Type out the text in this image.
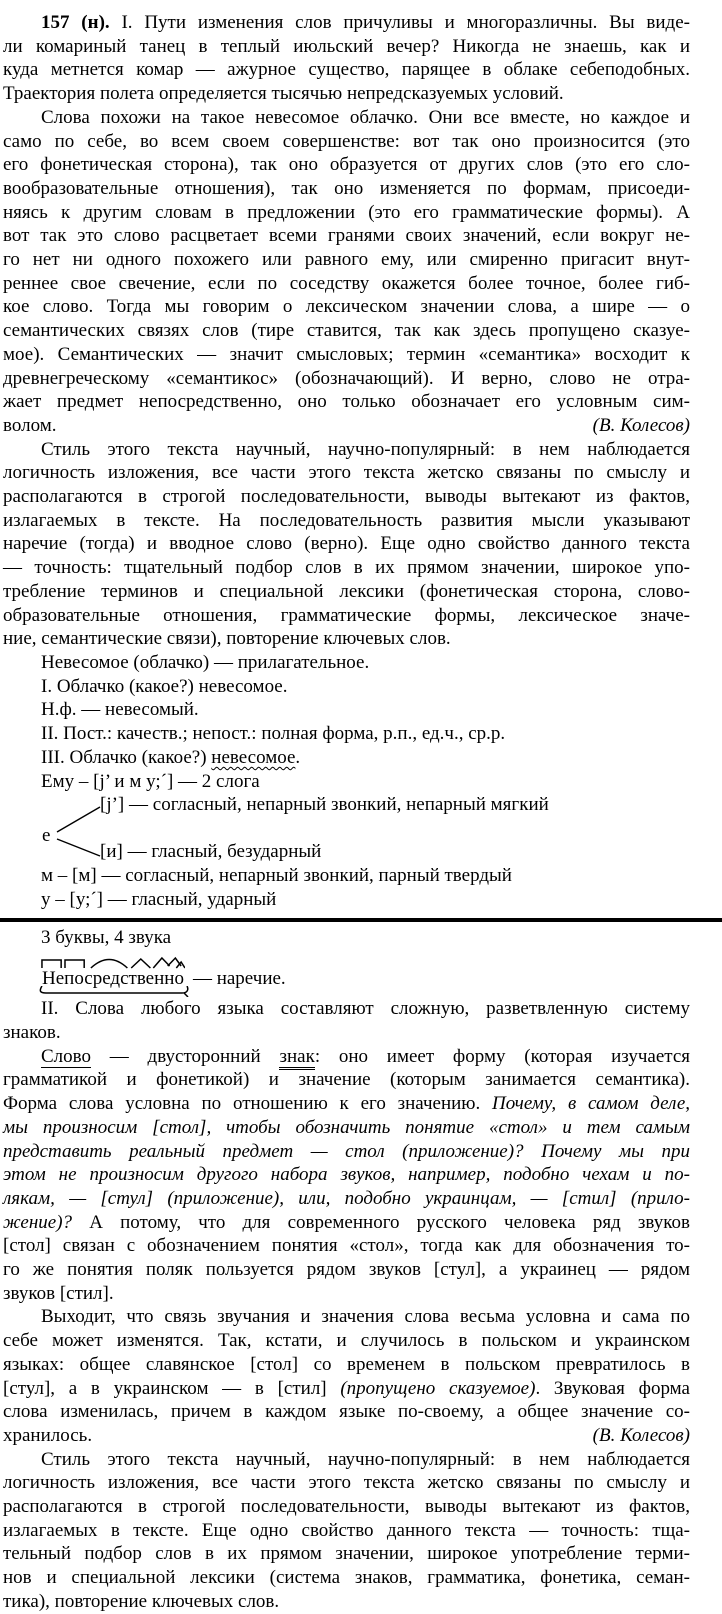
157 (н). I. Пути изменения слов причуливы и многоразличны. Вы виде-
ли комариный танец в теплый июльский вечер? Никогда не знаешь, как и
куда метнется комар — ажурное существо, парящее в облаке себеподобных.
Траектория полета определяется тысячью непредсказуемых условий.
Слова похожи на такое невесомое облачко. Они все вместе, но каждое и
само по себе, во всем своем совершенстве: вот так оно произносится (это
его фонетическая сторона), так оно образуется от других слов (это его сло-
вообразовательные отношения), так оно изменяется по формам, присоеди-
няясь к другим словам в предложении (это его грамматические формы). А
вот так это слово расцветает всеми гранями своих значений, если вокруг не-
го нет ни одного похожего или равного ему, или смиренно пригасит внут-
реннее свое свечение, если по соседству окажется более точное, более гиб-
кое слово. Тогда мы говорим о лексическом значении слова, а шире — о
семантических связях слов (тире ставится, так как здесь пропущено сказуе-
мое). Семантических — значит смысловых; термин «семантика» восходит к
древнегреческому «семантикос» (обозначающий). И верно, слово не отра-
жает предмет непосредственно, оно только обозначает его условным сим-
волом.	(В. Колесов)
Стиль этого текста научный, научно-популярный: в нем наблюдается
логичность изложения, все части этого текста жетско связаны по смыслу и
располагаются в строгой последовательности, выводы вытекают из фактов,
излагаемых в тексте. На последовательность развития мысли указывают
наречие (тогда) и вводное слово (верно). Еще одно свойство данного текста
— точность: тщательный подбор слов в их прямом значении, широкое упо-
требление терминов и специальной лексики (фонетическая сторона, слово-
образовательные отношения, грамматические формы, лексическое значе-
ние, семантические связи), повторение ключевых слов.
Невесомое (облачко) — прилагательное.
I. Облачко (какое?) невесомое.
Н.ф. — невесомый.
II. Пост.: качеств.; непост.: полная форма, р.п., ед.ч., ср.р.
III. Облачко (какое?) невесомое.
Ему – [j’ и м у;´] — 2 слога
е
[j’] — согласный, непарный звонкий, непарный мягкий
[и] — гласный, безударный
м – [м] — согласный, непарный звонкий, парный твердый
у – [у;´] — гласный, ударный
3 буквы, 4 звука
Непосредственно — наречие.
II. Слова любого языка составляют сложную, разветвленную систему
знаков.
Слово — двусторонний знак: оно имеет форму (которая изучается
грамматикой и фонетикой) и значение (которым занимается семантика).
Форма слова условна по отношению к его значению. Почему, в самом деле,
мы произносим [стол], чтобы обозначить понятие «стол» и тем самым
представить реальный предмет — стол (приложение)? Почему мы при
этом не произносим другого набора звуков, например, подобно чехам и по-
лякам, — [стул] (приложение), или, подобно украинцам, — [стил] (прило-
жение)? А потому, что для современного русского человека ряд звуков
[стол] связан с обозначением понятия «стол», тогда как для обозначения то-
го же понятия поляк пользуется рядом звуков [стул], а украинец — рядом
звуков [стил].
Выходит, что связь звучания и значения слова весьма условна и сама по
себе может изменятся. Так, кстати, и случилось в польском и украинском
языках: общее славянское [стол] со временем в польском превратилось в
[стул], а в украинском — в [стил] (пропущено сказуемое). Звуковая форма
слова изменилась, причем в каждом языке по-своему, а общее значение со-
хранилось.	(В. Колесов)
Стиль этого текста научный, научно-популярный: в нем наблюдается
логичность изложения, все части этого текста жетско связаны по смыслу и
располагаются в строгой последовательности, выводы вытекают из фактов,
излагаемых в тексте. Еще одно свойство данного текста — точность: тща-
тельный подбор слов в их прямом значении, широкое употребление терми-
нов и специальной лексики (система знаков, грамматика, фонетика, семан-
тика), повторение ключевых слов.
